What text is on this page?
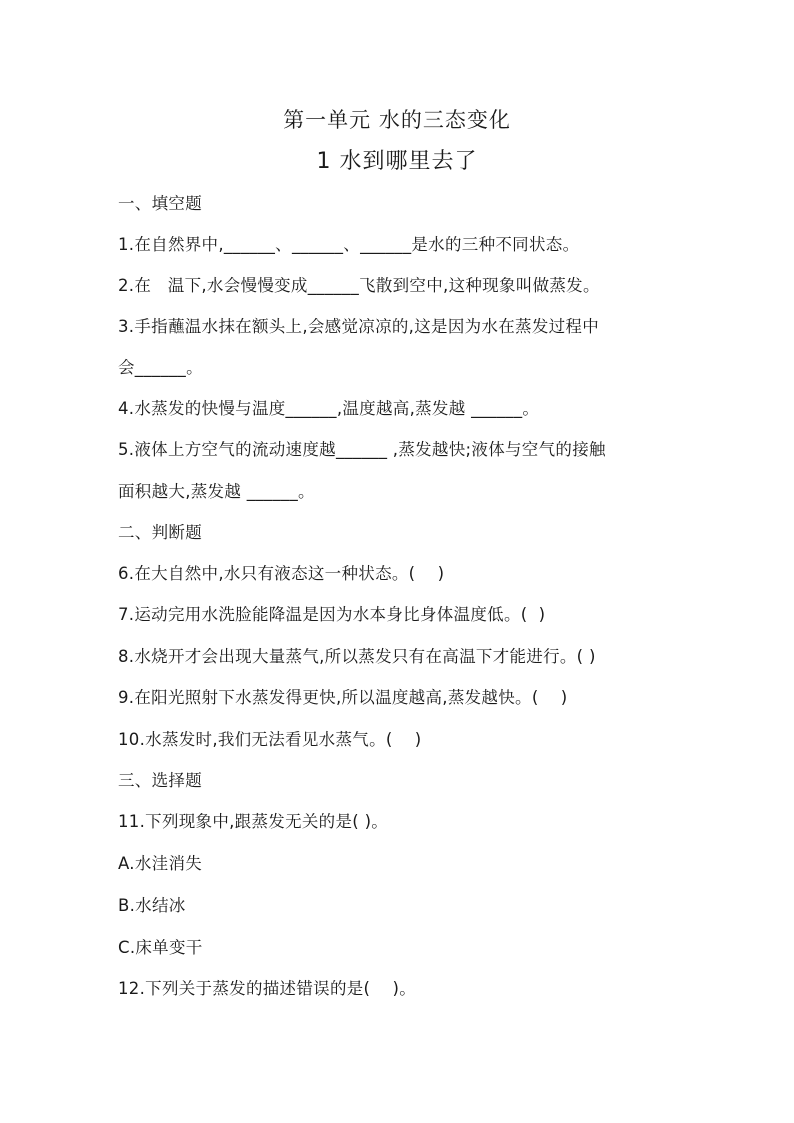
第一单元 水的三态变化
1 水到哪里去了
一、填空题
1.在自然界中,______、______、______是水的三种不同状态。
2.在   温下,水会慢慢变成______飞散到空中,这种现象叫做蒸发。
3.手指蘸温水抹在额头上,会感觉凉凉的,这是因为水在蒸发过程中
会______。
4.水蒸发的快慢与温度______,温度越高,蒸发越 ______。
5.液体上方空气的流动速度越______ ,蒸发越快;液体与空气的接触
面积越大,蒸发越 ______。
二、判断题
6.在大自然中,水只有液态这一种状态。(    )
7.运动完用水洗脸能降温是因为水本身比身体温度低。(  )
8.水烧开才会出现大量蒸气,所以蒸发只有在高温下才能进行。( )
9.在阳光照射下水蒸发得更快,所以温度越高,蒸发越快。(    )
10.水蒸发时,我们无法看见水蒸气。(    )
三、选择题
11.下列现象中,跟蒸发无关的是( )。
A.水洼消失
B.水结冰
C.床单变干
12.下列关于蒸发的描述错误的是(    )。
